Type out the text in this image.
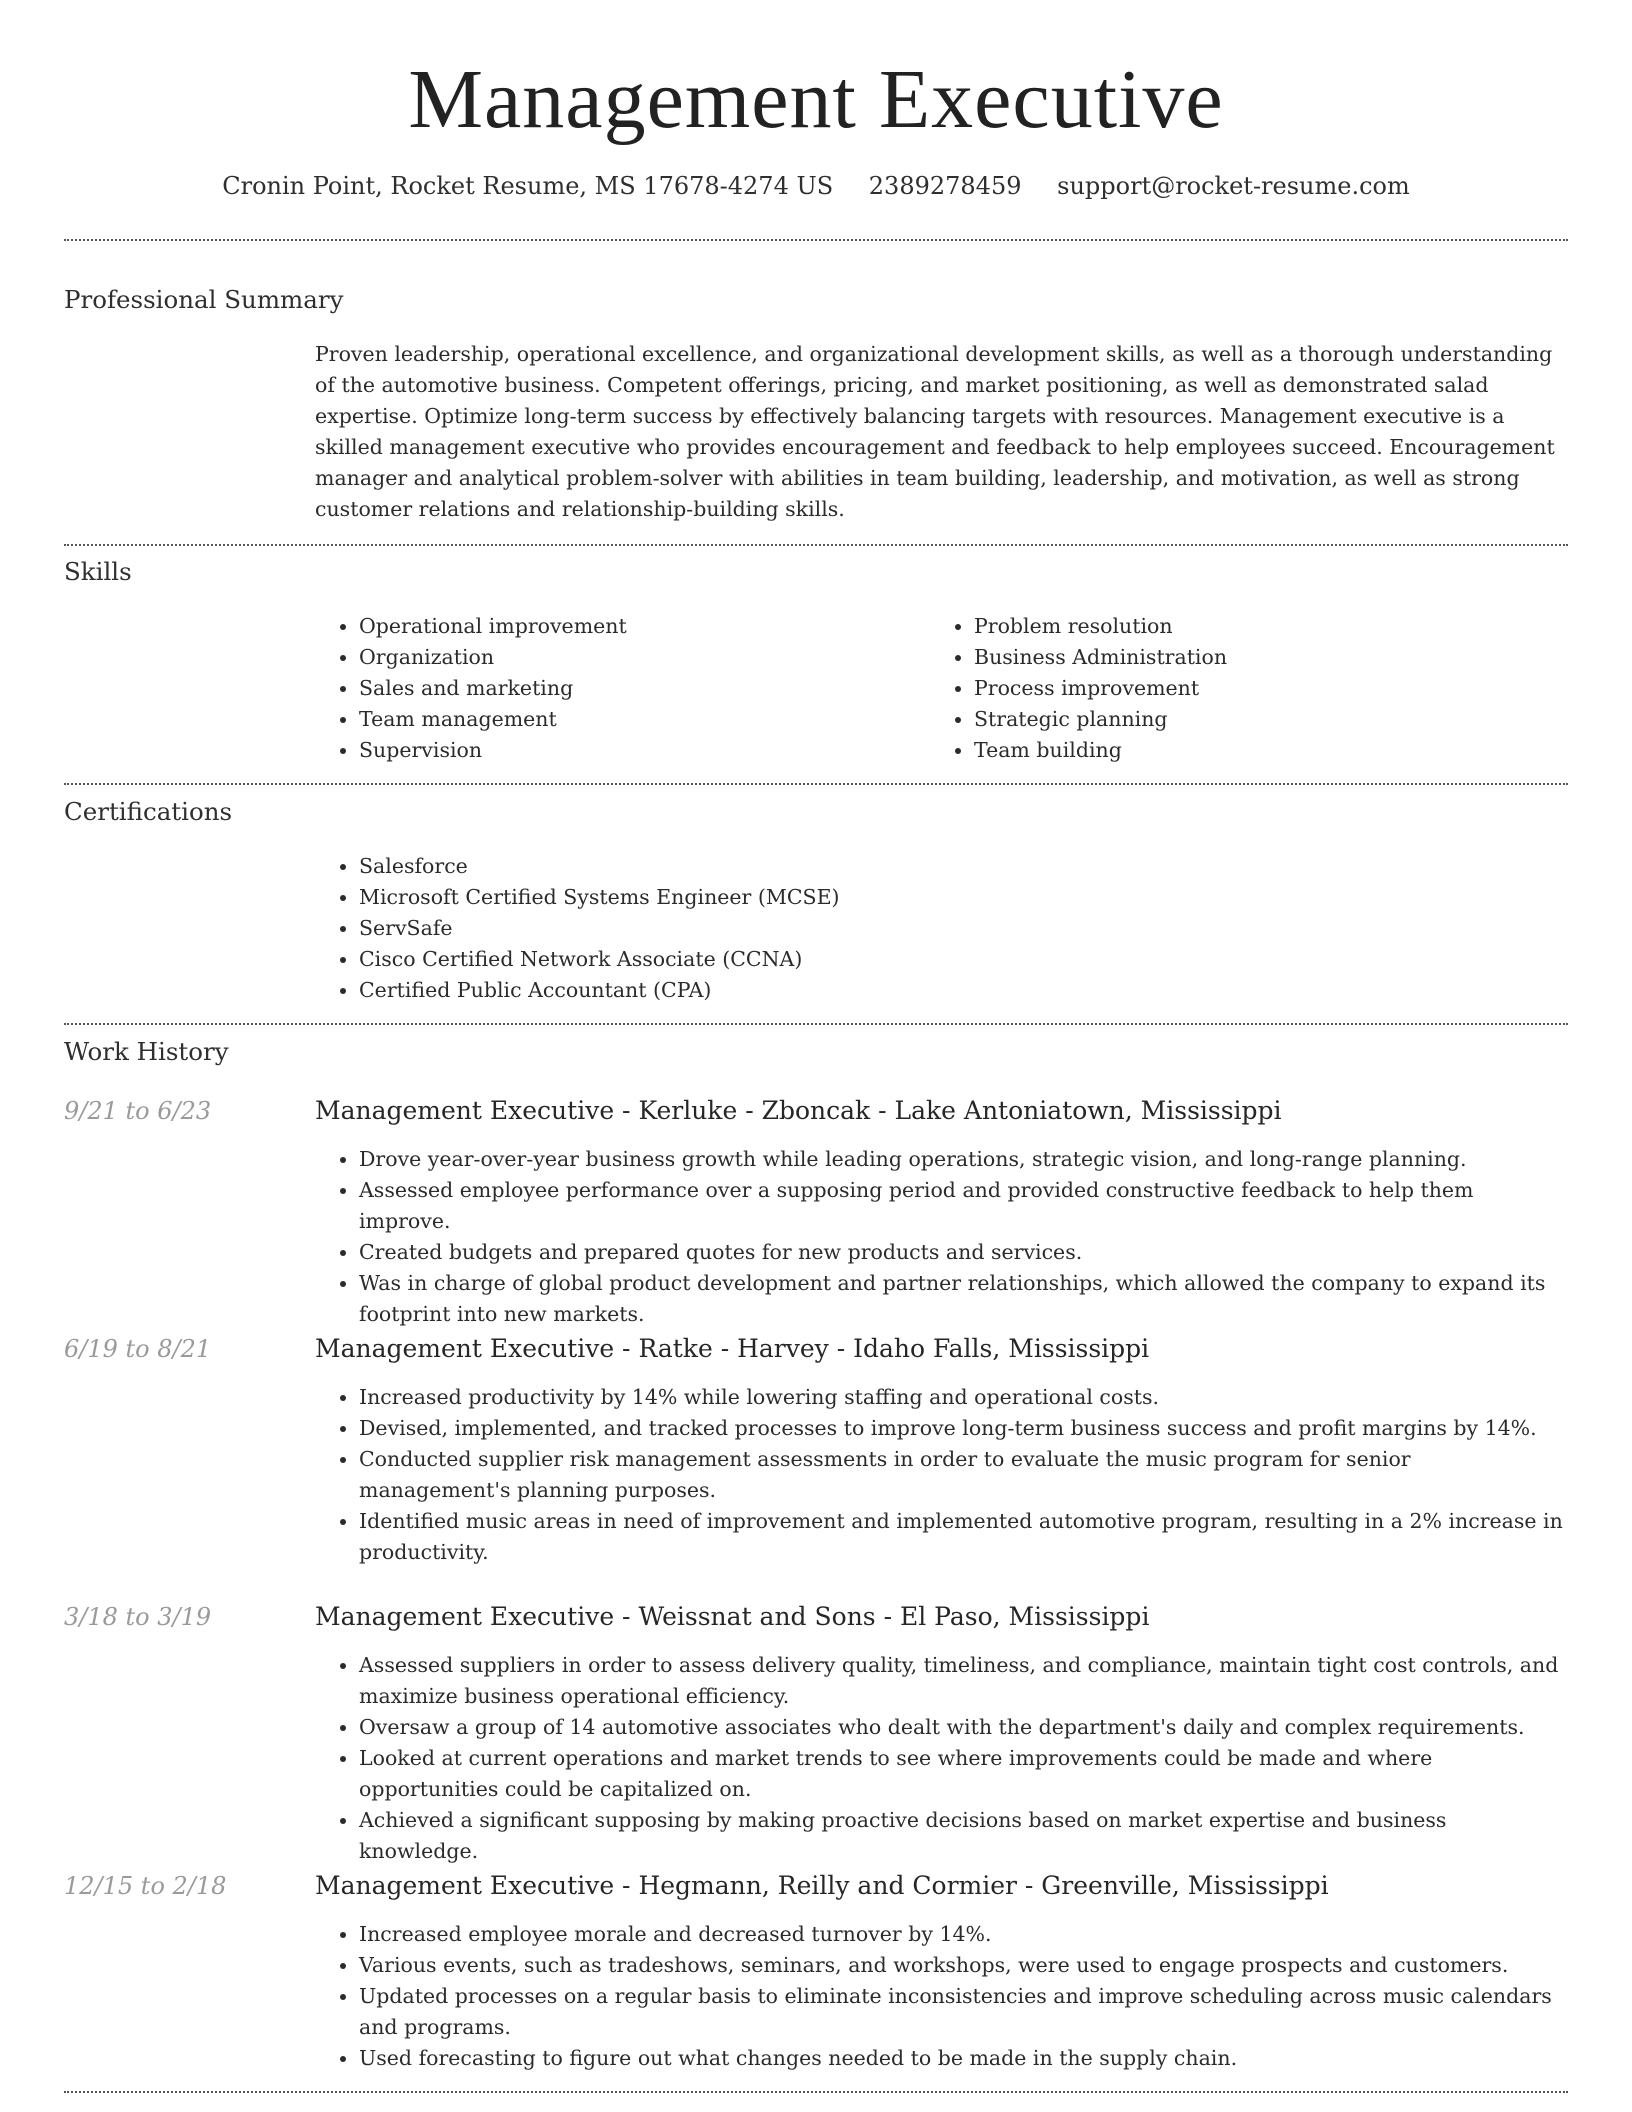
Management Executive
Cronin Point, Rocket Resume, MS 17678-4274 US 2389278459 support@rocket-resume.com
Professional Summary

Proven leadership, operational excellence, and organizational development skills, as well as a thorough understanding of the automotive business. Competent offerings, pricing, and market positioning, as well as demonstrated salad expertise. Optimize long-term success by effectively balancing targets with resources. Management executive is a skilled management executive who provides encouragement and feedback to help employees succeed. Encouragement manager and analytical problem-solver with abilities in team building, leadership, and motivation, as well as strong customer relations and relationship-building skills.

Skills
• Operational improvement
• Organization
• Sales and marketing
• Team management
• Supervision
• Problem resolution
• Business Administration
• Process improvement
• Strategic planning
• Team building
Certifications
• Salesforce
• Microsoft Certified Systems Engineer (MCSE)
• ServSafe
• Cisco Certified Network Associate (CCNA)
• Certified Public Accountant (CPA)
Work History
9/21 to 6/23	Management Executive - Kerluke - Zboncak - Lake Antoniatown, Mississippi
• Drove year-over-year business growth while leading operations, strategic vision, and long-range planning.
• Assessed employee performance over a supposing period and provided constructive feedback to help them improve.
• Created budgets and prepared quotes for new products and services.
• Was in charge of global product development and partner relationships, which allowed the company to expand its footprint into new markets.
6/19 to 8/21	Management Executive - Ratke - Harvey - Idaho Falls, Mississippi
• Increased productivity by 14% while lowering staffing and operational costs.
• Devised, implemented, and tracked processes to improve long-term business success and profit margins by 14%.
• Conducted supplier risk management assessments in order to evaluate the music program for senior management's planning purposes.
• Identified music areas in need of improvement and implemented automotive program, resulting in a 2% increase in productivity.
3/18 to 3/19	Management Executive - Weissnat and Sons - El Paso, Mississippi
• Assessed suppliers in order to assess delivery quality, timeliness, and compliance, maintain tight cost controls, and maximize business operational efficiency.
• Oversaw a group of 14 automotive associates who dealt with the department's daily and complex requirements.
• Looked at current operations and market trends to see where improvements could be made and where opportunities could be capitalized on.
• Achieved a significant supposing by making proactive decisions based on market expertise and business knowledge.
12/15 to 2/18	Management Executive - Hegmann, Reilly and Cormier - Greenville, Mississippi
• Increased employee morale and decreased turnover by 14%.
• Various events, such as tradeshows, seminars, and workshops, were used to engage prospects and customers.
• Updated processes on a regular basis to eliminate inconsistencies and improve scheduling across music calendars and programs.
• Used forecasting to figure out what changes needed to be made in the supply chain.
